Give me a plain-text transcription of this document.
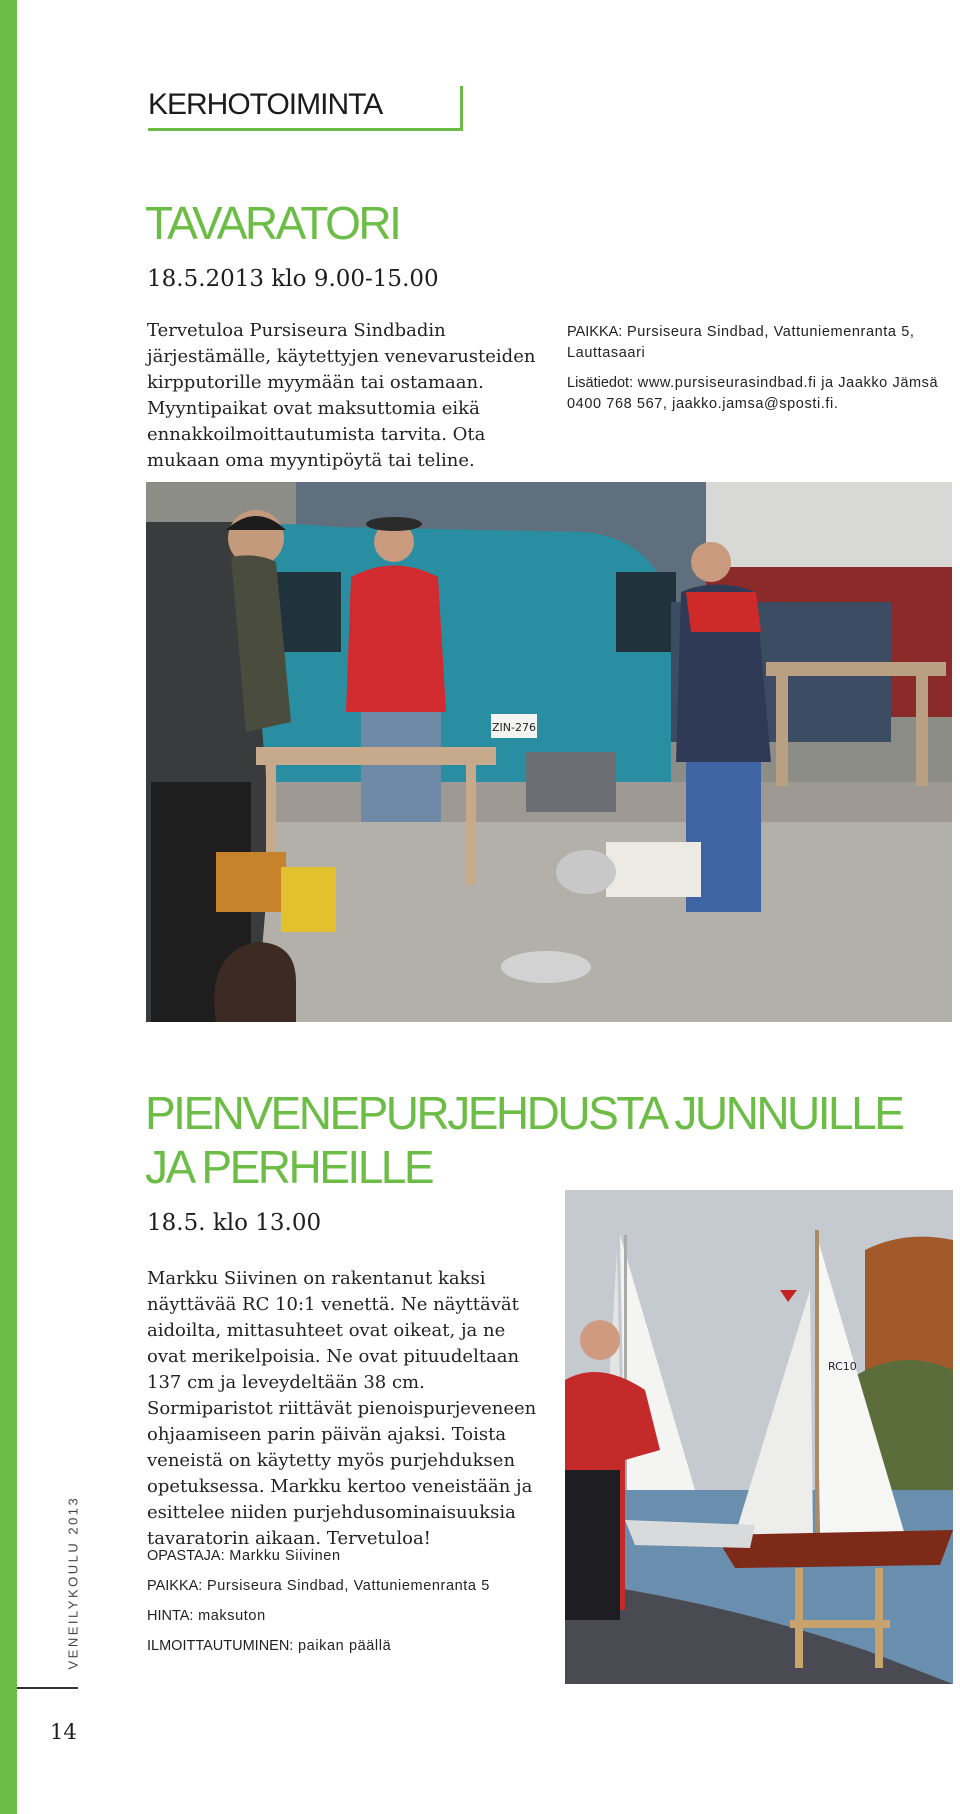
KERHOTOIMINTA
TAVARATORI
18.5.2013 klo 9.00-15.00
Tervetuloa Pursiseura Sindbadin järjestämälle, käytettyjen venevarusteiden kirpputorille myymään tai ostamaan. Myyntipaikat ovat maksuttomia eikä ennakkoilmoittautumista tarvita. Ota mukaan oma myyntipöytä tai teline.

PAIKKA: Pursiseura Sindbad, Vattuniemenranta 5, Lauttasaari

Lisätiedot: www.pursiseurasindbad.fi ja Jaakko Jämsä 0400 768 567, jaakko.jamsa@sposti.fi.

ZIN-276
PIENVENEPURJEHDUSTA JUNNUILLE JA PERHEILLE
18.5. klo 13.00
Markku Siivinen on rakentanut kaksi näyttävää RC 10:1 venettä. Ne näyttävät aidoilta, mittasuhteet ovat oikeat, ja ne ovat merikelpoisia. Ne ovat pituudeltaan 137 cm ja leveydeltään 38 cm. Sormiparistot riittävät pienoispurjeveneen ohjaamiseen parin päivän ajaksi. Toista veneistä on käytetty myös purjehduksen opetuksessa. Markku kertoo veneistään ja esittelee niiden purjehdusominaisuuksia tavaratorin aikaan. Tervetuloa!

OPASTAJA: Markku Siivinen

PAIKKA: Pursiseura Sindbad, Vattuniemenranta 5

HINTA: maksuton

ILMOITTAUTUMINEN: paikan päällä

RC10
VENEILYKOULU 2013
14
